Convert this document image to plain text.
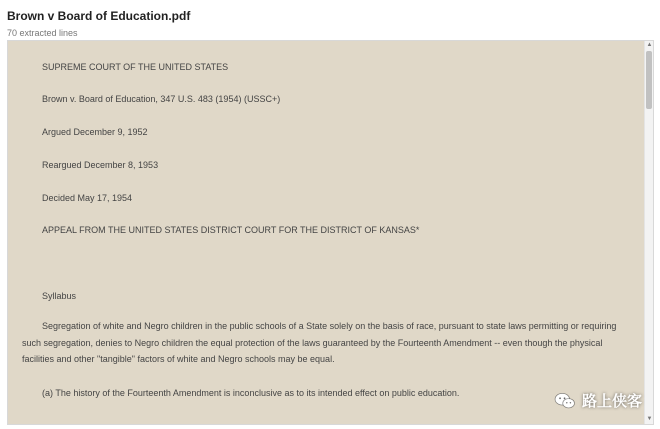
Brown v Board of Education.pdf
70 extracted lines
SUPREME COURT OF THE UNITED STATES
Brown v. Board of Education, 347 U.S. 483 (1954) (USSC+)
Argued December 9, 1952
Reargued December 8, 1953
Decided May 17, 1954
APPEAL FROM THE UNITED STATES DISTRICT COURT FOR THE DISTRICT OF KANSAS*
Syllabus
Segregation of white and Negro children in the public schools of a State solely on the basis of race, pursuant to state laws permitting or requiring such segregation, denies to Negro children the equal protection of the laws guaranteed by the Fourteenth Amendment -- even though the physical facilities and other "tangible" factors of white and Negro schools may be equal.
(a) The history of the Fourteenth Amendment is inconclusive as to its intended effect on public education.
▲
▼
路上侠客
